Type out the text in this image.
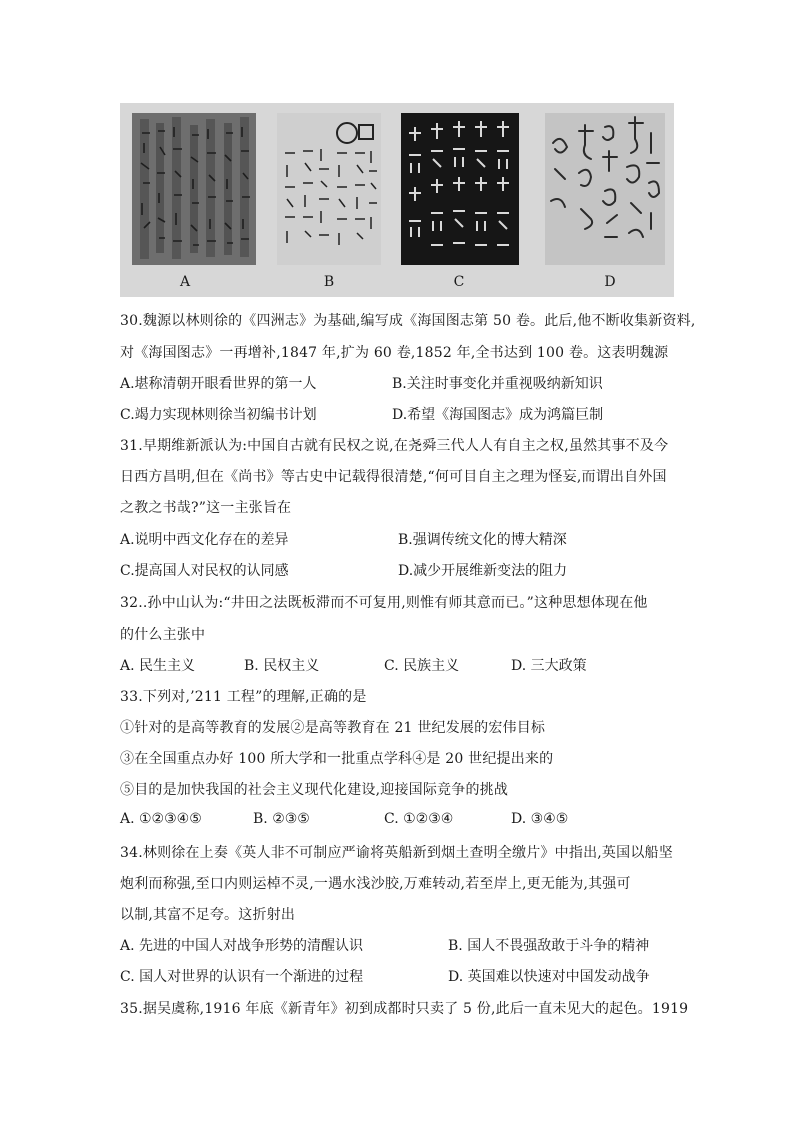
A	B	C	D
30.魏源以林则徐的《四洲志》为基础,编写成《海国图志第 50 卷。此后,他不断收集新资料,
对《海国图志》一再增补,1847 年,扩为 60 卷,1852 年,全书达到 100 卷。这表明魏源
A.堪称清朝开眼看世界的第一人	B.关注时事变化并重视吸纳新知识
C.竭力实现林则徐当初编书计划	D.希望《海国图志》成为鸿篇巨制
31.早期维新派认为:中国自古就有民权之说,在尧舜三代人人有自主之权,虽然其事不及今
日西方昌明,但在《尚书》等古史中记载得很清楚,“何可目自主之理为怪妄,而谓出自外国
之教之书哉?”这一主张旨在
A.说明中西文化存在的差异	B.强调传统文化的博大精深
C.提高国人对民权的认同感	D.减少开展维新变法的阻力
32..孙中山认为:“井田之法既板滞而不可复用,则惟有师其意而已。”这种思想体现在他
的什么主张中
A. 民生主义	B. 民权主义	C. 民族主义	D. 三大政策
33.下列对,’211 工程”的理解,正确的是
①针对的是高等教育的发展②是高等教育在 21 世纪发展的宏伟目标
③在全国重点办好 100 所大学和一批重点学科④是 20 世纪提出来的
⑤目的是加快我国的社会主义现代化建设,迎接国际竞争的挑战
A. ①②③④⑤	B. ②③⑤	C. ①②③④	D. ③④⑤
34.林则徐在上奏《英人非不可制应严谕将英船新到烟土查明全缴片》中指出,英国以船坚
炮利而称强,至口内则运棹不灵,一遇水浅沙胶,万难转动,若至岸上,更无能为,其强可
以制,其富不足夸。这折射出
A. 先进的中国人对战争形势的清醒认识	B. 国人不畏强敌敢于斗争的精神
C. 国人对世界的认识有一个渐进的过程	D. 英国难以快速对中国发动战争
35.据吴虞称,1916 年底《新青年》初到成都时只卖了 5 份,此后一直未见大的起色。1919
